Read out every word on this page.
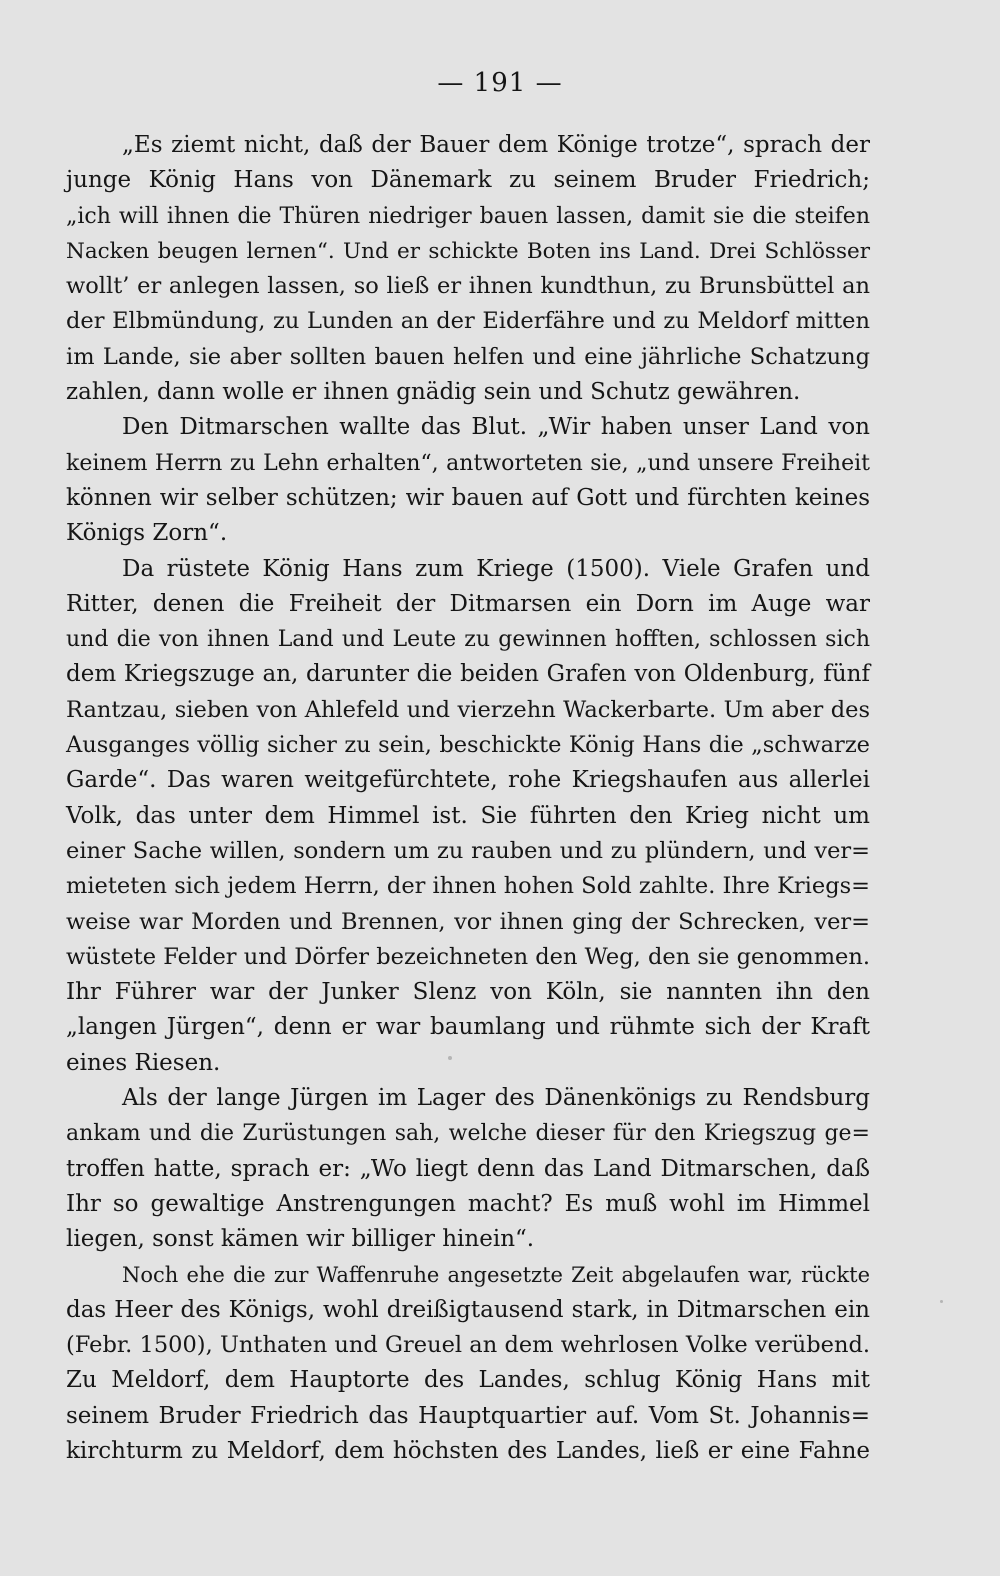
— 191 —
„Es ziemt nicht, daß der Bauer dem Könige trotze“, sprach der
junge König Hans von Dänemark zu seinem Bruder Friedrich;
„ich will ihnen die Thüren niedriger bauen lassen, damit sie die steifen
Nacken beugen lernen“. Und er schickte Boten ins Land. Drei Schlösser
wollt’ er anlegen lassen, so ließ er ihnen kundthun, zu Brunsbüttel an
der Elbmündung, zu Lunden an der Eiderfähre und zu Meldorf mitten
im Lande, sie aber sollten bauen helfen und eine jährliche Schatzung
zahlen, dann wolle er ihnen gnädig sein und Schutz gewähren.
Den Ditmarschen wallte das Blut. „Wir haben unser Land von
keinem Herrn zu Lehn erhalten“, antworteten sie, „und unsere Freiheit
können wir selber schützen; wir bauen auf Gott und fürchten keines
Königs Zorn“.
Da rüstete König Hans zum Kriege (1500). Viele Grafen und
Ritter, denen die Freiheit der Ditmarsen ein Dorn im Auge war
und die von ihnen Land und Leute zu gewinnen hofften, schlossen sich
dem Kriegszuge an, darunter die beiden Grafen von Oldenburg, fünf
Rantzau, sieben von Ahlefeld und vierzehn Wackerbarte. Um aber des
Ausganges völlig sicher zu sein, beschickte König Hans die „schwarze
Garde“. Das waren weitgefürchtete, rohe Kriegshaufen aus allerlei
Volk, das unter dem Himmel ist. Sie führten den Krieg nicht um
einer Sache willen, sondern um zu rauben und zu plündern, und ver=
mieteten sich jedem Herrn, der ihnen hohen Sold zahlte. Ihre Kriegs=
weise war Morden und Brennen, vor ihnen ging der Schrecken, ver=
wüstete Felder und Dörfer bezeichneten den Weg, den sie genommen.
Ihr Führer war der Junker Slenz von Köln, sie nannten ihn den
„langen Jürgen“, denn er war baumlang und rühmte sich der Kraft
eines Riesen.
Als der lange Jürgen im Lager des Dänenkönigs zu Rendsburg
ankam und die Zurüstungen sah, welche dieser für den Kriegszug ge=
troffen hatte, sprach er: „Wo liegt denn das Land Ditmarschen, daß
Ihr so gewaltige Anstrengungen macht? Es muß wohl im Himmel
liegen, sonst kämen wir billiger hinein“.
Noch ehe die zur Waffenruhe angesetzte Zeit abgelaufen war, rückte
das Heer des Königs, wohl dreißigtausend stark, in Ditmarschen ein
(Febr. 1500), Unthaten und Greuel an dem wehrlosen Volke verübend.
Zu Meldorf, dem Hauptorte des Landes, schlug König Hans mit
seinem Bruder Friedrich das Hauptquartier auf. Vom St. Johannis=
kirchturm zu Meldorf, dem höchsten des Landes, ließ er eine Fahne
